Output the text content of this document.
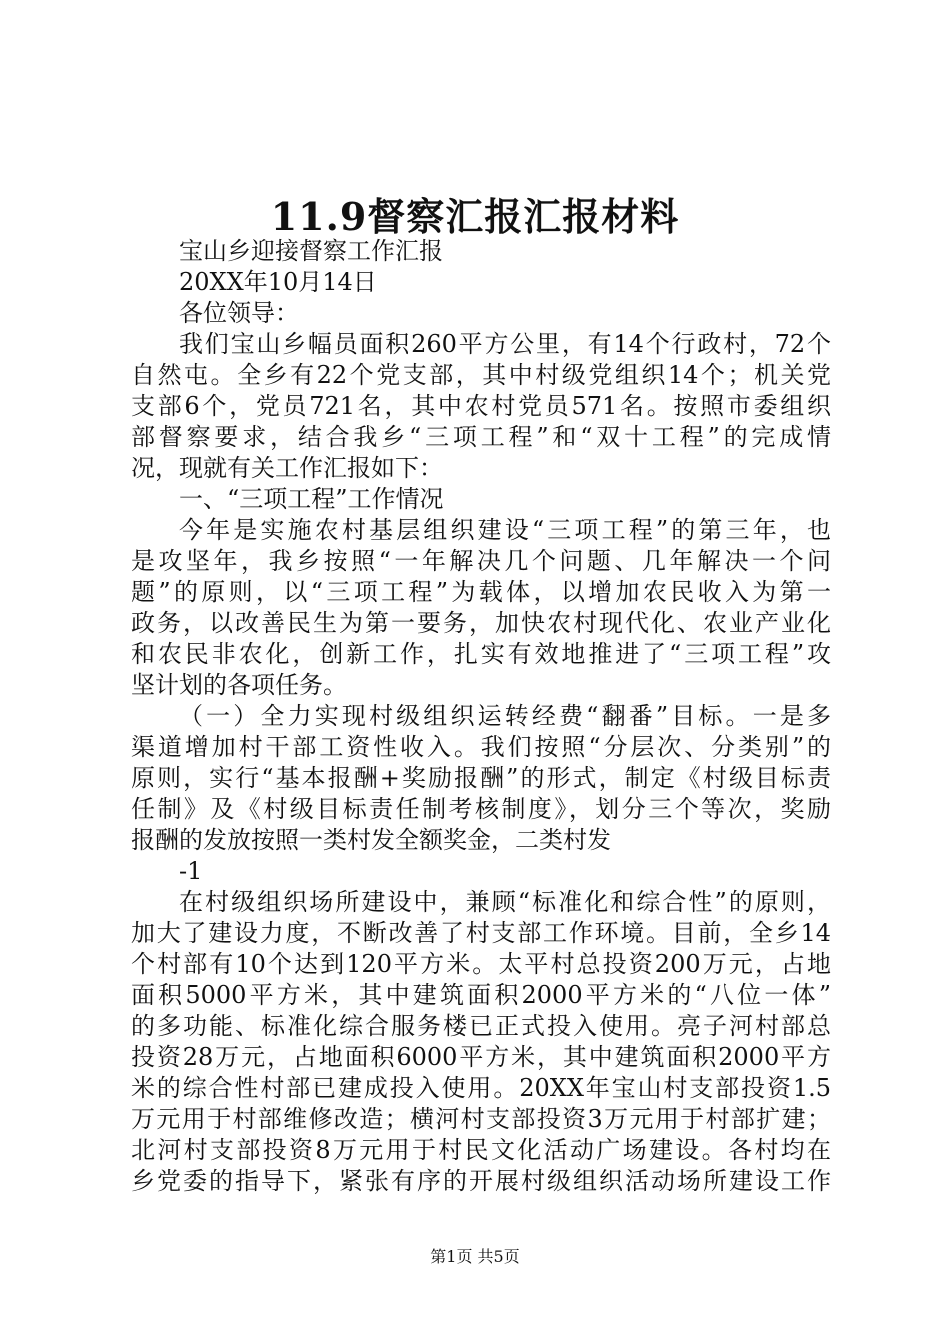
11.9督察汇报汇报材料
宝山乡迎接督察工作汇报
20XX年10月14日
各位领导：
我们宝山乡幅员面积260平方公里，有14个行政村，72个
自然屯。全乡有22个党支部，其中村级党组织14个；机关党
支部6个，党员721名，其中农村党员571名。按照市委组织
部督察要求，结合我乡“三项工程”和“双十工程”的完成情
况，现就有关工作汇报如下：
一、“三项工程”工作情况
今年是实施农村基层组织建设“三项工程”的第三年，也
是攻坚年，我乡按照“一年解决几个问题、几年解决一个问
题”的原则，以“三项工程”为载体，以增加农民收入为第一
政务，以改善民生为第一要务，加快农村现代化、农业产业化
和农民非农化，创新工作，扎实有效地推进了“三项工程”攻
坚计划的各项任务。
（一）全力实现村级组织运转经费“翻番”目标。一是多
渠道增加村干部工资性收入。我们按照“分层次、分类别”的
原则，实行“基本报酬+奖励报酬”的形式，制定《村级目标责
任制》及《村级目标责任制考核制度》，划分三个等次，奖励
报酬的发放按照一类村发全额奖金，二类村发
-1
在村级组织场所建设中，兼顾“标准化和综合性”的原则，
加大了建设力度，不断改善了村支部工作环境。目前，全乡14
个村部有10个达到120平方米。太平村总投资200万元，占地
面积5000平方米，其中建筑面积2000平方米的“八位一体”
的多功能、标准化综合服务楼已正式投入使用。亮子河村部总
投资28万元，占地面积6000平方米，其中建筑面积2000平方
米的综合性村部已建成投入使用。20XX年宝山村支部投资1.5
万元用于村部维修改造；横河村支部投资3万元用于村部扩建；
北河村支部投资8万元用于村民文化活动广场建设。各村均在
乡党委的指导下，紧张有序的开展村级组织活动场所建设工作
第1页 共5页
